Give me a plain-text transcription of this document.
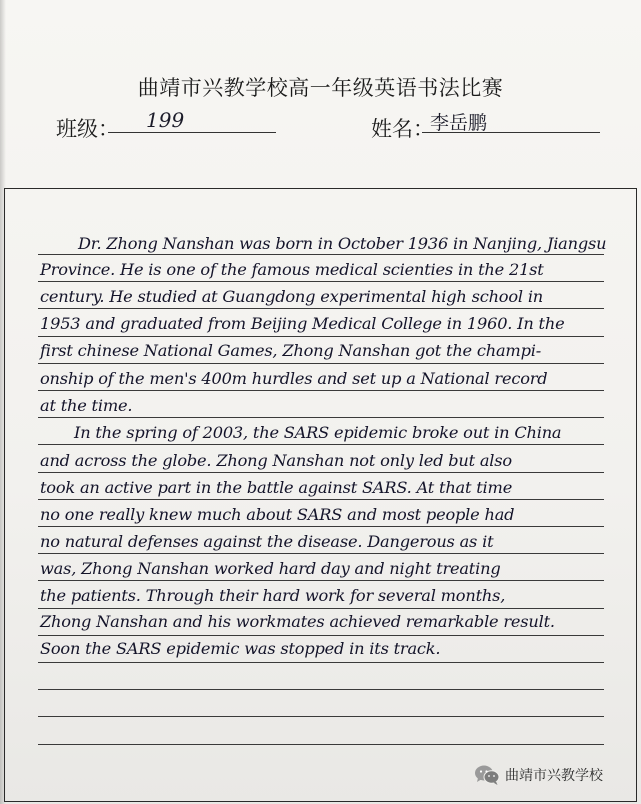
曲靖市兴教学校高一年级英语书法比赛
班级： 199	姓名：
李岳鹏
Dr. Zhong Nanshan was born in October 1936 in Nanjing, Jiangsu
Province. He is one of the famous medical scienties in the 21st
century. He studied at Guangdong experimental high school in
1953 and graduated from Beijing Medical College in 1960. In the
first chinese National Games, Zhong Nanshan got the champi-
onship of the men's 400m hurdles and set up a National record
at the time.
In the spring of 2003, the SARS epidemic broke out in China
and across the globe. Zhong Nanshan not only led but also
took an active part in the battle against SARS. At that time
no one really knew much about SARS and most people had
no natural defenses against the disease. Dangerous as it
was, Zhong Nanshan worked hard day and night treating
the patients. Through their hard work for several months,
Zhong Nanshan and his workmates achieved remarkable result.
Soon the SARS epidemic was stopped in its track.
曲靖市兴教学校
